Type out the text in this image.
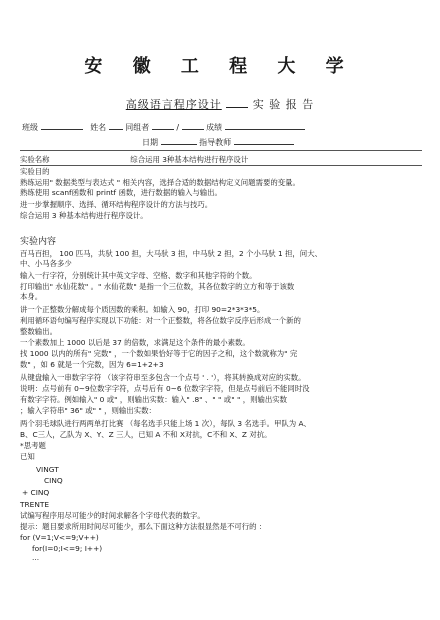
安 徽 工 程 大 学
高级语言程序设计	实 验 报 告
班级	姓名 同组者	/	成绩
日期	指导教师
实验名称	综合运用 3种基本结构进行程序设计
实验目的
熟练运用" 数据类型与表达式 " 相关内容，选择合适的数据结构定义问题需要的变量。
熟练使用 scanf函数和 printf 函数，进行数据的输入与输出。
进一步掌握顺序、选择、循环结构程序设计的方法与技巧。
综合运用 3 种基本结构进行程序设计。
实验内容
百马百担， 100 匹马，共驮 100 担，大马驮 3 担，中马驮 2 担，2 个小马驮 1 担，问大、
中、小马各多少
输入一行字符，分别统计其中英文字母、空格、数字和其他字符的个数。
打印输出" 水仙花数" 。" 水仙花数" 是指一个三位数，其各位数字的立方和等于该数
本身。
讲一个正整数分解成每个质因数的乘积。如输入 90，打印 90=2*3*3*5。
利用循环语句编写程序实现以下功能：对一个正整数，将各位数字反序后形成一个新的
整数输出。
一个素数加上 1000 以后是 37 的倍数，求满足这个条件的最小素数。
找 1000 以内的所有" 完数" ，一个数如果恰好等于它的因子之和，这个数就称为" 完
数" ，如 6 就是一个完数，因为 6=1+2+3
从键盘输入一串数字字符 （该字符串至多包含一个点号 ' . '），将其转换成对应的实数。
说明：点号前有 0~9位数字字符，点号后有 0~6 位数字字符，但是点号前后不能同时没
有数字字符。例如输入" 0 或" ，则输出实数：输入" .8" 、" " 或" " ，则输出实数
；输入字符串" 36" 或" " ，则输出实数：
两个羽毛球队进行两两单打比赛 （每名选手只能上场 1 次），每队 3 名选手。甲队为 A、
B、C三人，乙队为 X、Y、Z 三人，已知 A 不和 X对抗，C不和 X、Z 对抗。
*思考题
已知
VINGT
CINQ
+ CINQ
TRENTE
试编写程序用尽可能少的时间求解各个字母代表的数字。
提示：题目要求所用时间尽可能少，那么下面这种方法很显然是不可行的 ：
for (V=1;V<=9;V++)
for(I=0;I<=9; I++)
...
